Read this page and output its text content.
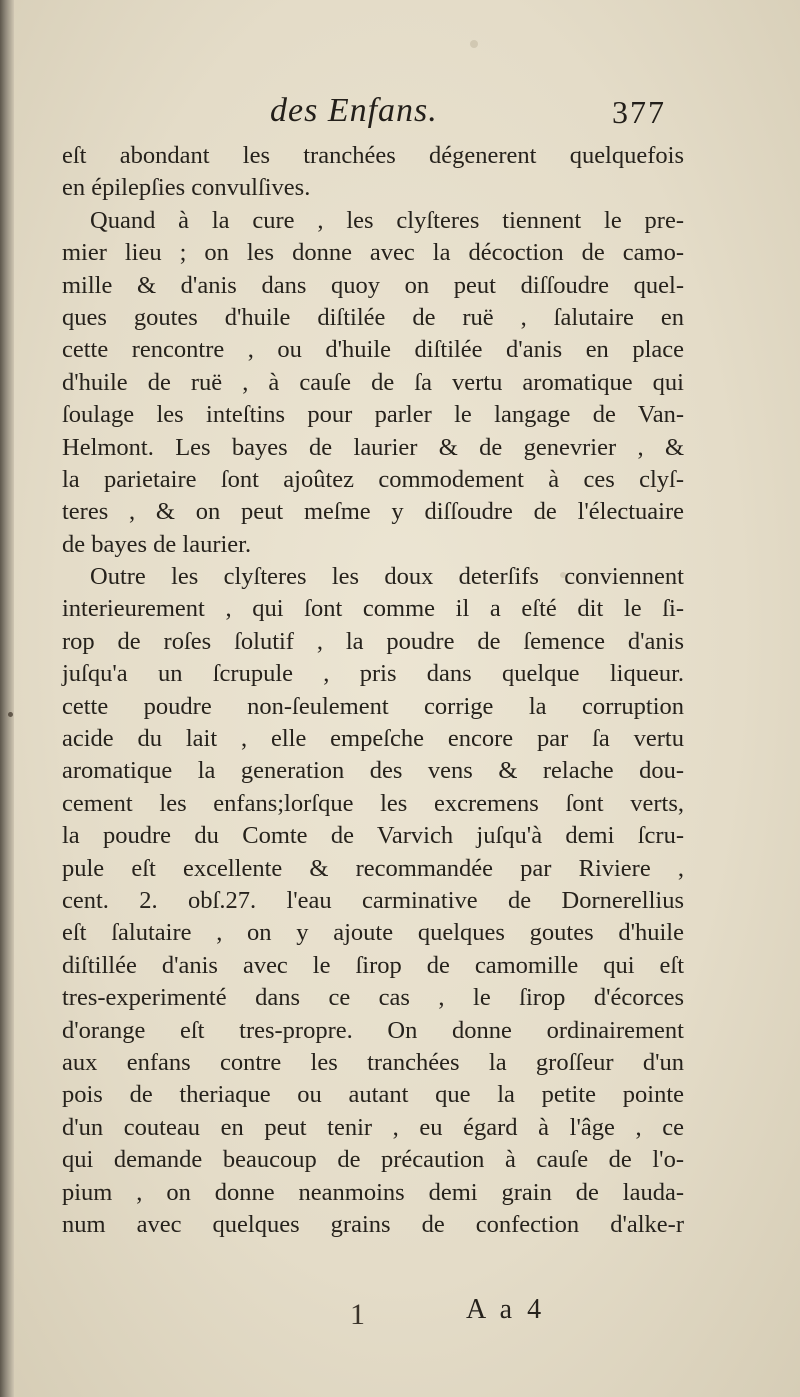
des Enfans.	377
eſt abondant les tranchées dégenerent quelquefois
en épilepſies convulſives.
Quand à la cure , les clyſteres tiennent le pre-
mier lieu ; on les donne avec la décoction de camo-
mille & d'anis dans quoy on peut diſſoudre quel-
ques goutes d'huile diſtilée de ruë , ſalutaire en
cette rencontre , ou d'huile diſtilée d'anis en place
d'huile de ruë , à cauſe de ſa vertu aromatique qui
ſoulage les inteſtins pour parler le langage de Van-
Helmont. Les bayes de laurier & de genevrier , &
la parietaire ſont ajoûtez commodement à ces clyſ-
teres , & on peut meſme y diſſoudre de l'électuaire
de bayes de laurier.
Outre les clyſteres les doux deterſifs conviennent
interieurement , qui ſont comme il a eſté dit le ſi-
rop de roſes ſolutif , la poudre de ſemence d'anis
juſqu'a un ſcrupule , pris dans quelque liqueur.
cette poudre non-ſeulement corrige la corruption
acide du lait , elle empeſche encore par ſa vertu
aromatique la generation des vens & relache dou-
cement les enfans;lorſque les excremens ſont verts,
la poudre du Comte de Varvich juſqu'à demi ſcru-
pule eſt excellente & recommandée par Riviere ,
cent. 2. obſ.27. l'eau carminative de Dornerellius
eſt ſalutaire , on y ajoute quelques goutes d'huile
diſtillée d'anis avec le ſirop de camomille qui eſt
tres-experimenté dans ce cas , le ſirop d'écorces
d'orange eſt tres-propre. On donne ordinairement
aux enfans contre les tranchées la groſſeur d'un
pois de theriaque ou autant que la petite pointe
d'un couteau en peut tenir , eu égard à l'âge , ce
qui demande beaucoup de précaution à cauſe de l'o-
pium , on donne neanmoins demi grain de lauda-
num avec quelques grains de confection d'alke-r
1	A a 4
